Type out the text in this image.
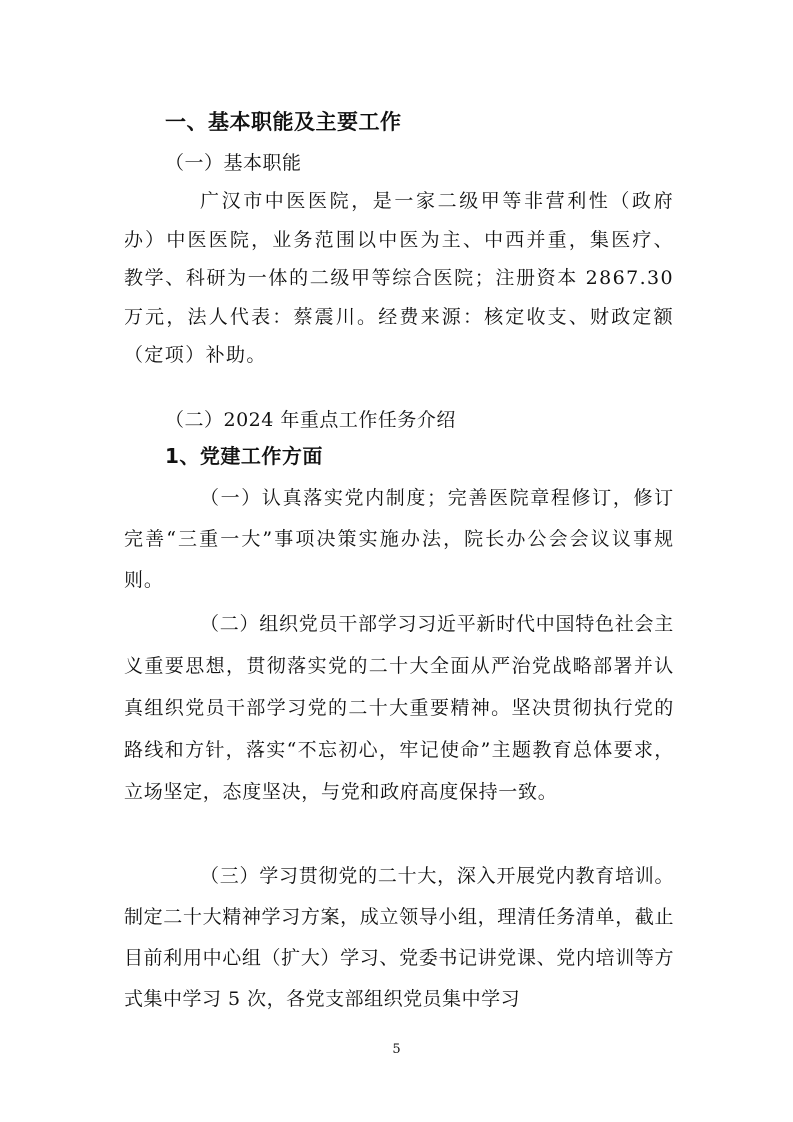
一、基本职能及主要工作
（一）基本职能

广汉市中医医院，是一家二级甲等非营利性（政府办）中医医院，业务范围以中医为主、中西并重，集医疗、教学、科研为一体的二级甲等综合医院；注册资本 2867.30 万元，法人代表：蔡震川。经费来源：核定收支、财政定额（定项）补助。

（二）2024 年重点工作任务介绍
1、党建工作方面

（一）认真落实党内制度；完善医院章程修订，修订完善“三重一大”事项决策实施办法，院长办公会会议议事规则。

（二）组织党员干部学习习近平新时代中国特色社会主义重要思想，贯彻落实党的二十大全面从严治党战略部署并认真组织党员干部学习党的二十大重要精神。坚决贯彻执行党的路线和方针，落实“不忘初心，牢记使命”主题教育总体要求，立场坚定，态度坚决，与党和政府高度保持一致。

（三）学习贯彻党的二十大，深入开展党内教育培训。制定二十大精神学习方案，成立领导小组，理清任务清单，截止目前利用中心组（扩大）学习、党委书记讲党课、党内培训等方式集中学习 5 次，各党支部组织党员集中学习

5
